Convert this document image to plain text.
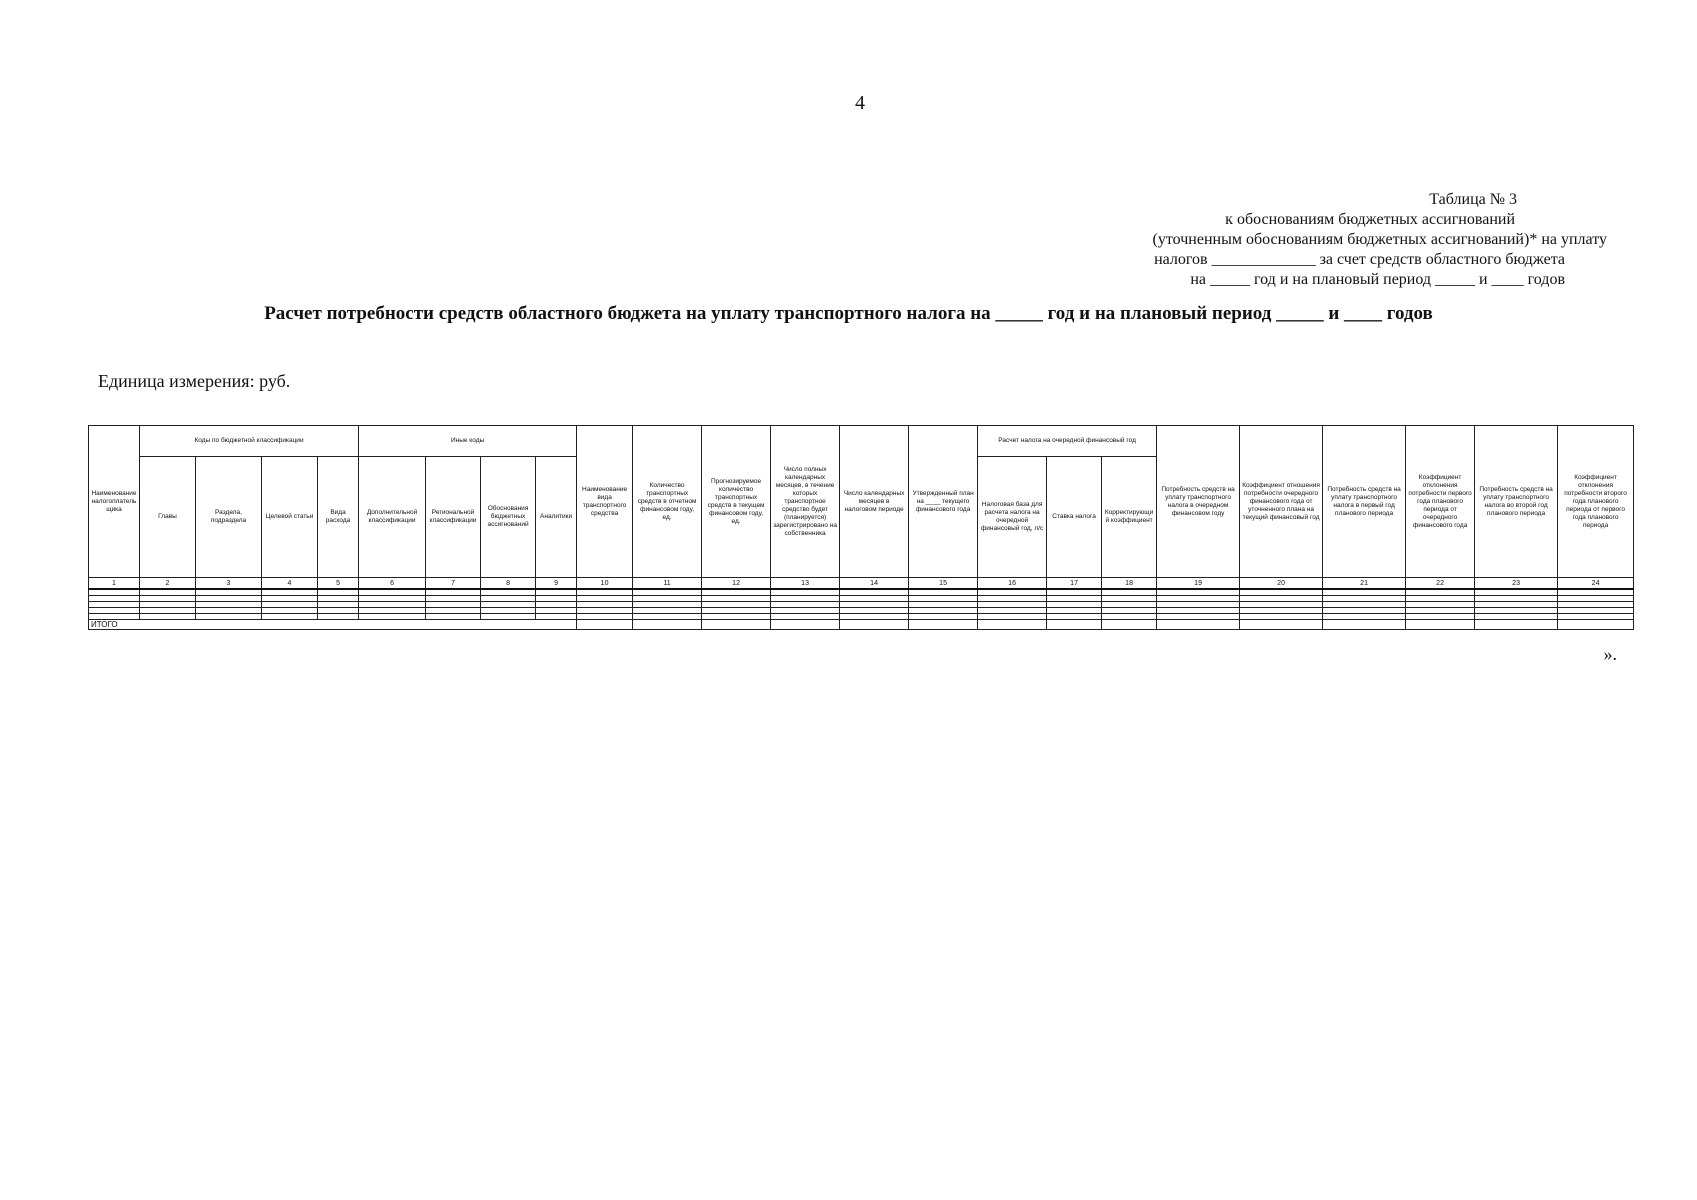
4
Таблица № 3
к обоснованиям бюджетных ассигнований
(уточненным обоснованиям бюджетных ассигнований)* на уплату
налогов _____________ за счет средств областного бюджета
на _____ год и на плановый период _____ и ____ годов
Расчет потребности средств областного бюджета на уплату транспортного налога на _____ год и на плановый период _____ и ____ годов
Единица измерения: руб.
Наименование налогоплательщика	Коды по бюджетной классификации				Иные коды				Наименование вида транспортного средства	Количество транспортных средств в отчетном финансовом году, ед.	Прогнозируемое количество транспортных средств в текущем финансовом году, ед.	Число полных календарных месяцев, в течение которых транспортное средство будет (планируется) зарегистрировано на собственника	Число календарных месяцев в налоговом периоде	Утвержденный план на ____ текущего финансового года	Расчет налога на очередной финансовый год			Потребность средств на уплату транспортного налога в очередном финансовом году	Коэффициент отношения потребности очередного финансового года от уточненного плана на текущий финансовый год	Потребность средств на уплату транспортного налога в первый год планового периода	Коэффициент отклонения потребности первого года планового периода от очередного финансового года	Потребность средств на уплату транспортного налога во второй год планового периода	Коэффициент отклонения потребности второго года планового периода от первого года планового периода
	Главы	Раздела, подраздела	Целевой статьи	Вида расхода	Дополнительной классификации	Региональной классификации	Обоснования бюджетных ассигнований	Аналитики							Налоговая база для расчета налога на очередной финансовый год, л/с	Ставка налога	Корректирующий коэффициент						
1	2	3	4	5	6	7	8	9	10	11	12	13	14	15	16	17	18	19	20	21	22	23	24

ИТОГО																							
».
